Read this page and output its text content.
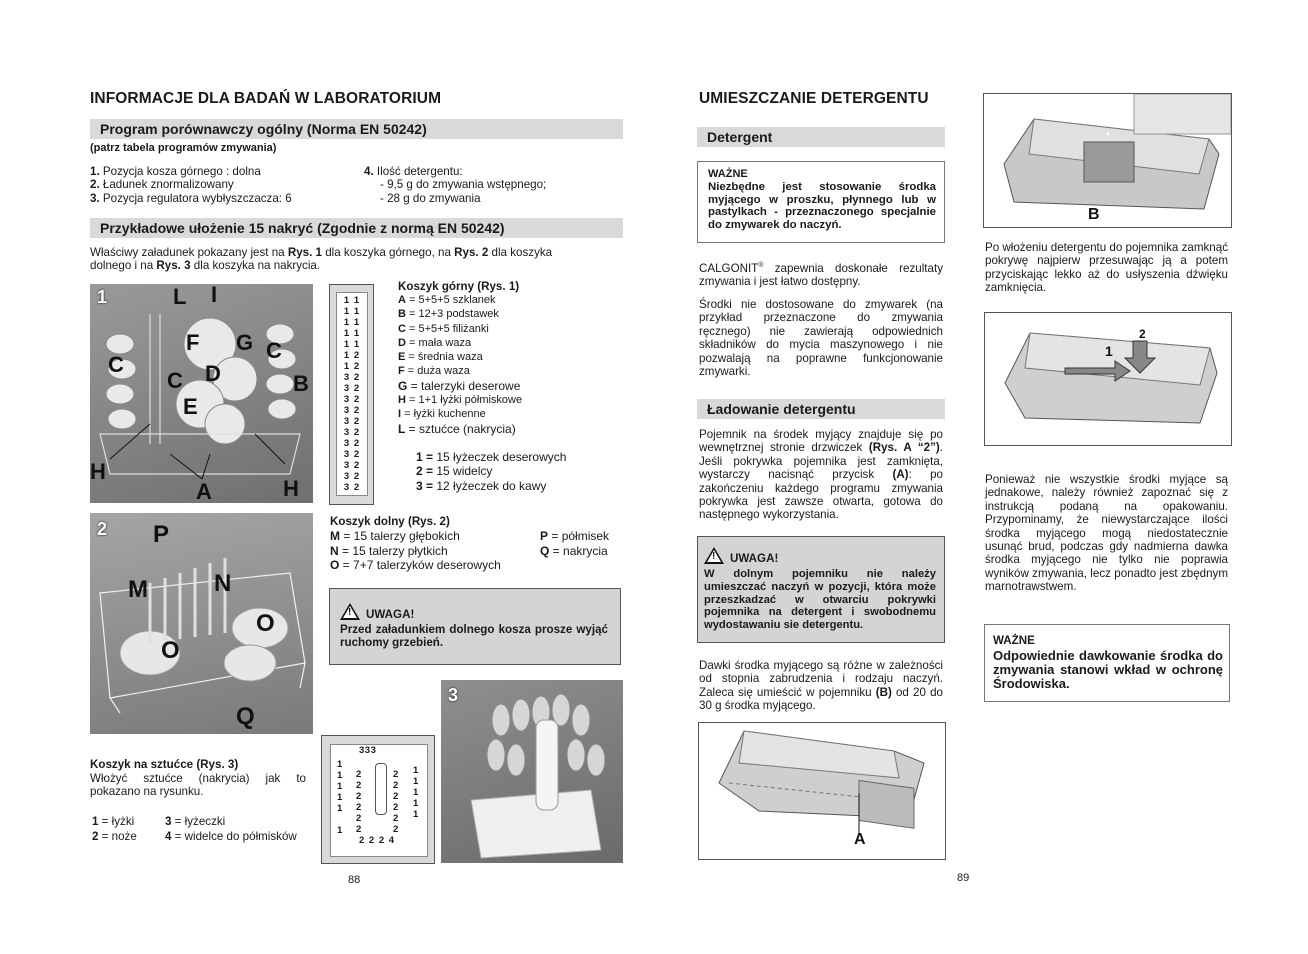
INFORMACJE DLA BADAŃ W LABORATORIUM
Program porównawczy ogólny (Norma EN 50242)
(patrz tabela programów zmywania)
1. Pozycja kosza górnego : dolna
2. Ładunek znormalizowany
3. Pozycja regulatora wybłyszczacza: 6
4. Ilość detergentu:
- 9,5 g do zmywania wstępnego;
- 28 g do zmywania
Przykładowe ułożenie 15 nakryć (Zgodnie z normą EN 50242)
Właściwy załadunek pokazany jest na Rys. 1 dla koszyka górnego, na Rys. 2 dla koszyka
dolnego i na Rys. 3 dla koszyka na nakrycia.
1	L I
F G C
C
C D	B
E
H
H
A
1 1
1 1
1 1
1 1
1 1
1 2
1 2
3 2
3 2
3 2
3 2
3 2
3 2
3 2
3 2
3 2
3 2
3 2
Koszyk górny (Rys. 1)
A = 5+5+5 szklanek
B = 12+3 podstawek
C = 5+5+5 filiżanki
D = mała waza
E = średnia waza
F = duża waza
G = talerzyki deserowe
H = 1+1 łyżki półmiskowe
I = łyżki kuchenne
L = sztućce (nakrycia)
1 = 15 łyżeczek deserowych
2 = 15 widelcy
3 = 12 łyżeczek do kawy
2 P
M	N
O
O
Q
Koszyk dolny (Rys. 2)
M = 15 talerzy głębokich
N = 15 talerzy płytkich
O = 7+7 talerzyków deserowych
P = półmisek
Q = nakrycia
! UWAGA!
Przed załadunkiem dolnego kosza prosze wyjąć ruchomy grzebień.
333
1
1
1
1
1

1
2
2
2
2
2
2
2
2
2
2
2
2
1
1
1
1
1
2 2 2 4
3
Koszyk na sztućce (Rys. 3)
Włożyć sztućce (nakrycia) jak to pokazano na rysunku.
1 = łyżki	3 = łyżeczki
2 = noże 4 = widelce do półmisków
88
UMIESZCZANIE DETERGENTU
Detergent
WAŻNE
Niezbędne jest stosowanie środka myjącego w proszku, płynnego lub w pastylkach - przeznaczonego specjalnie do zmywarek do naczyń.
CALGONIT® zapewnia doskonałe rezultaty zmywania i jest łatwo dostępny.
Środki nie dostosowane do zmywarek (na przykład przeznaczone do zmywania ręcznego) nie zawierają odpowiednich składników do mycia maszynowego i nie pozwalają na poprawne funkcjonowanie zmywarki.
Ładowanie detergentu
Pojemnik na środek myjący znajduje się po wewnętrznej stronie drzwiczek (Rys. A “2”). Jeśli pokrywka pojemnika jest zamknięta, wystarczy nacisnąć przycisk (A): po zakończeniu każdego programu zmywania pokrywka jest zawsze otwarta, gotowa do następnego wykorzystania.
! UWAGA!
W dolnym pojemniku nie należy umieszczać naczyń w pozycji, która może przeszkadzać w otwarciu pokrywki pojemnika na detergent i swobodnemu wydostawaniu sie detergentu.
Dawki środka myjącego są różne w zależności od stopnia zabrudzenia i rodzaju naczyń. Zaleca się umieścić w pojemniku (B) od 20 do 30 g środka myjącego.
A
B
Po włożeniu detergentu do pojemnika zamknąć pokrywę najpierw przesuwając ją a potem przyciskając lekko aż do usłyszenia dźwięku zamknięcia.
1
2
Ponieważ nie wszystkie środki myjące są jednakowe, należy również zapoznać się z instrukcją podaną na opakowaniu. Przypominamy, że niewystarczające ilości środka myjącego mogą niedostatecznie usunąć brud, podczas gdy nadmierna dawka środka myjącego nie tylko nie poprawia wyników zmywania, lecz ponadto jest zbędnym marnotrawstwem.
WAŻNE
Odpowiednie dawkowanie środka do zmywania stanowi wkład w ochronę Środowiska.
89
